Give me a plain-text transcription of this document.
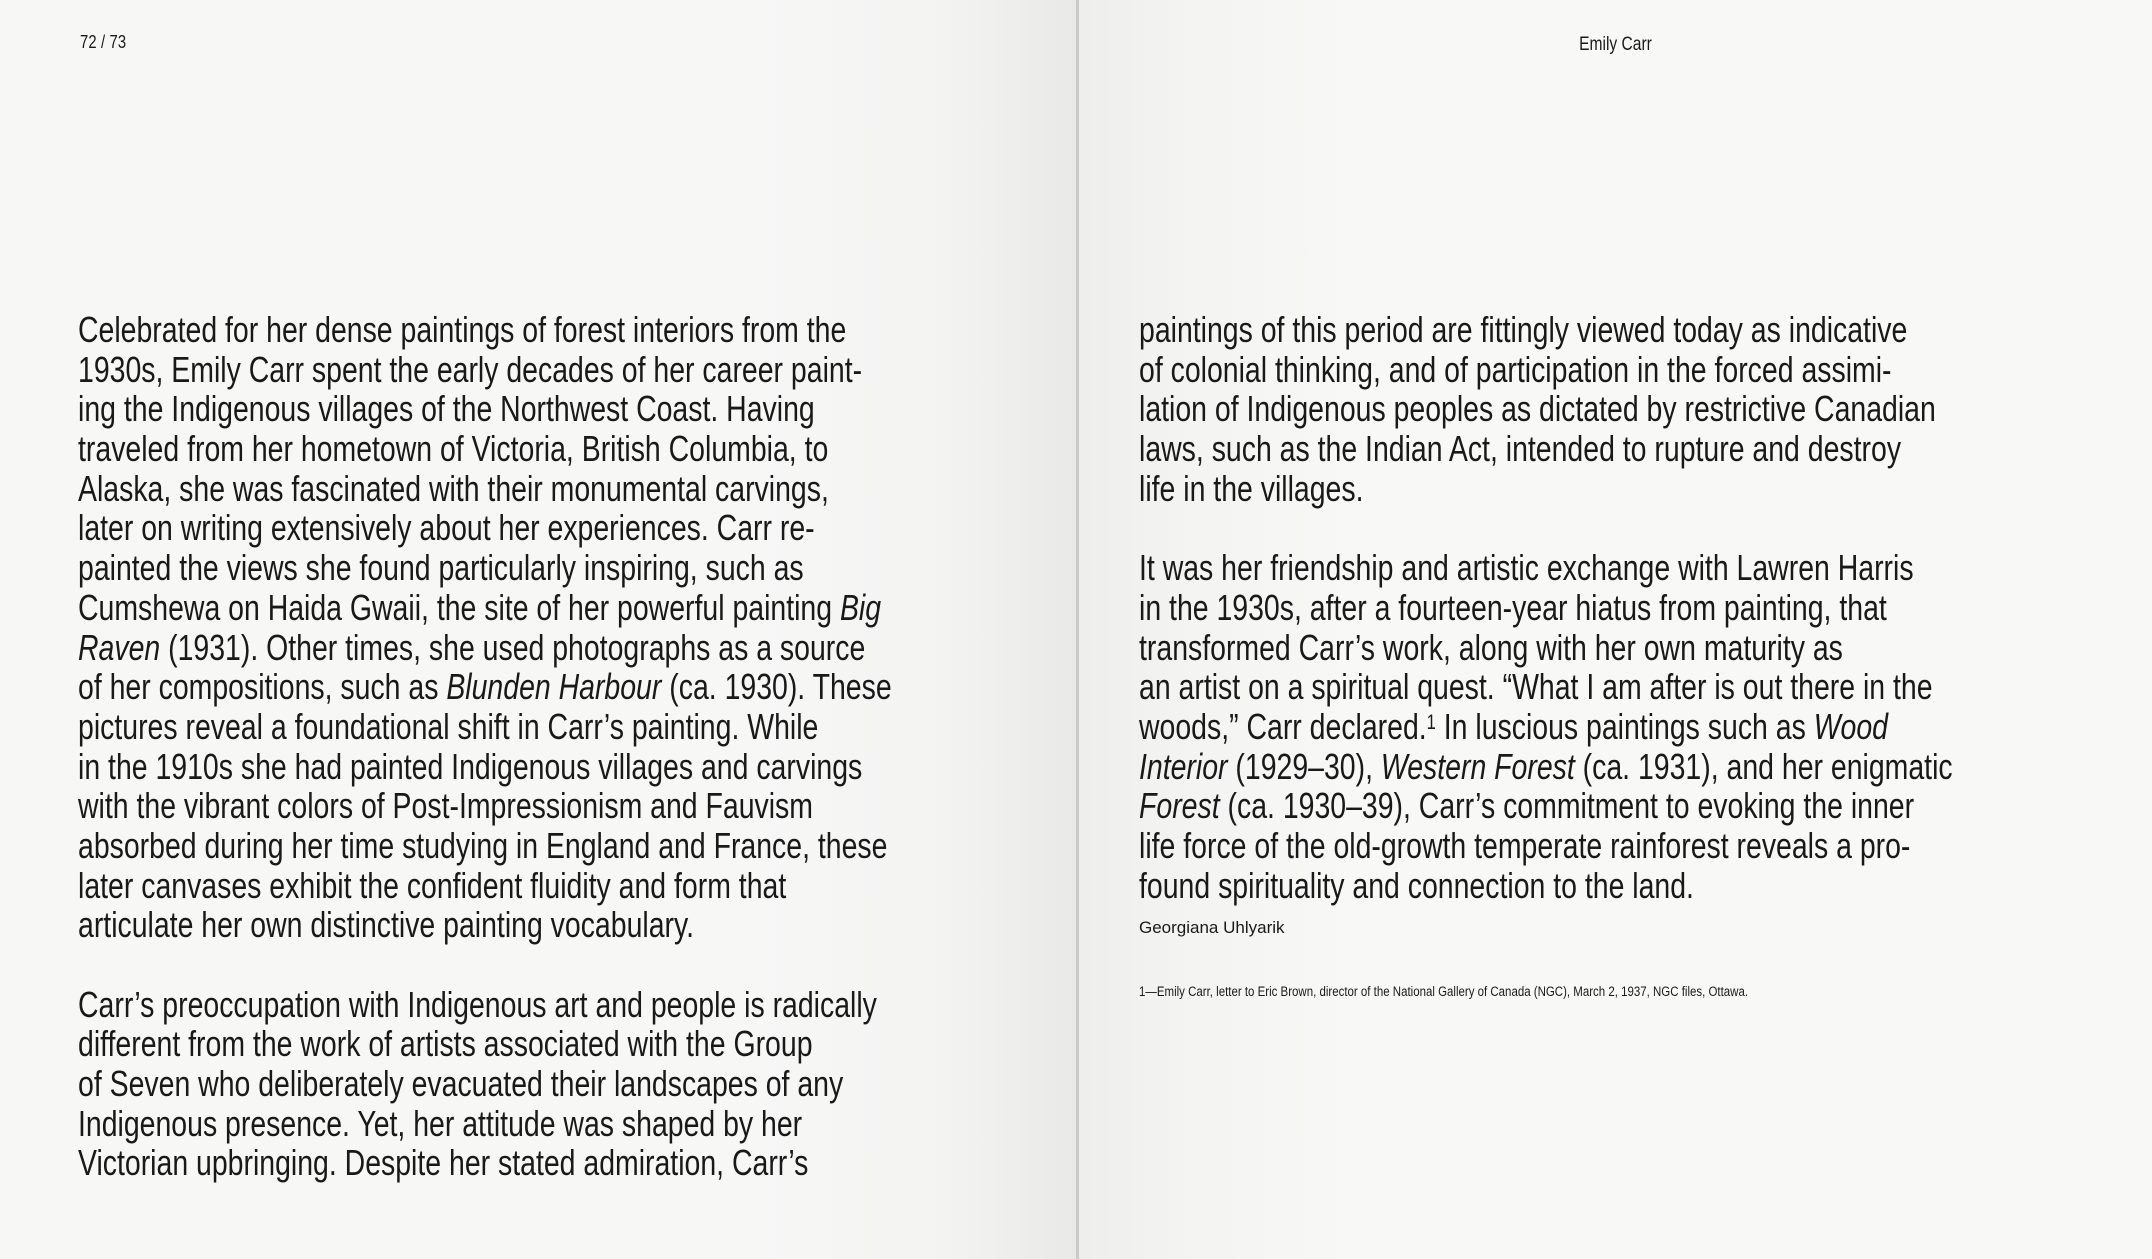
72 / 73
Celebrated for her dense paintings of forest interiors from the
1930s, Emily Carr spent the early decades of her career paint-
ing the Indigenous villages of the Northwest Coast. Having
traveled from her hometown of Victoria, British Columbia, to
Alaska, she was fascinated with their monumental carvings,
later on writing extensively about her experiences. Carr re-
painted the views she found particularly inspiring, such as
Cumshewa on Haida Gwaii, the site of her powerful painting Big
Raven (1931). Other times, she used photographs as a source
of her compositions, such as Blunden Harbour (ca. 1930). These
pictures reveal a foundational shift in Carr’s painting. While
in the 1910s she had painted Indigenous villages and carvings
with the vibrant colors of Post-Impressionism and Fauvism
absorbed during her time studying in England and France, these
later canvases exhibit the confident fluidity and form that
articulate her own distinctive painting vocabulary.
Carr’s preoccupation with Indigenous art and people is radically
different from the work of artists associated with the Group
of Seven who deliberately evacuated their landscapes of any
Indigenous presence. Yet, her attitude was shaped by her
Victorian upbringing. Despite her stated admiration, Carr’s
Emily Carr
paintings of this period are fittingly viewed today as indicative
of colonial thinking, and of participation in the forced assimi-
lation of Indigenous peoples as dictated by restrictive Canadian
laws, such as the Indian Act, intended to rupture and destroy
life in the villages.
It was her friendship and artistic exchange with Lawren Harris
in the 1930s, after a fourteen-year hiatus from painting, that
transformed Carr’s work, along with her own maturity as
an artist on a spiritual quest. “What I am after is out there in the
woods,” Carr declared.$^1$ In luscious paintings such as Wood
Interior (1929–30), Western Forest (ca. 1931), and her enigmatic
Forest (ca. 1930–39), Carr’s commitment to evoking the inner
life force of the old-growth temperate rainforest reveals a pro-
found spirituality and connection to the land.
Georgiana Uhlyarik
1—Emily Carr, letter to Eric Brown, director of the National Gallery of Canada (NGC), March 2, 1937, NGC files, Ottawa.
